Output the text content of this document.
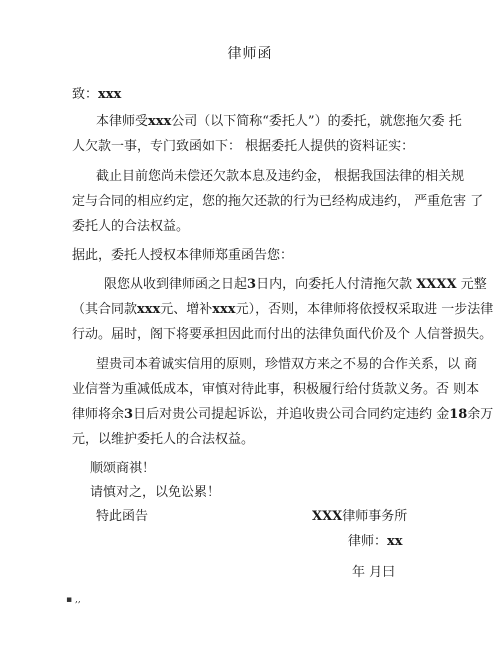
律师函
致：xxx
本律师受xxx公司（以下简称“委托人”）的委托，就您拖欠委 托
人欠款一事，专门致函如下： 根据委托人提供的资料证实：
截止目前您尚未偿还欠款本息及违约金， 根据我国法律的相关规
定与合同的相应约定，您的拖欠还款的行为已经构成违约， 严重危害 了
委托人的合法权益。
据此，委托人授权本律师郑重函告您：
限您从收到律师函之日起3日内，向委托人付清拖欠款 XXXX 元整
（其合同款xxx元、增补xxx元），否则，本律师将依授权采取进 一步法律
行动。届时，阁下将要承担因此而付出的法律负面代价及个 人信誉损失。
望贵司本着诚实信用的原则，珍惜双方来之不易的合作关系，以 商
业信誉为重减低成本，审慎对待此事，积极履行给付货款义务。否 则本
律师将余3日后对贵公司提起诉讼，并追收贵公司合同约定违约 金18余万
元，以维护委托人的合法权益。
顺颂商祺！
请慎对之，以免讼累！
特此函告	XXX律师事务所
律师：xx
年 月曰
▪ ,,
